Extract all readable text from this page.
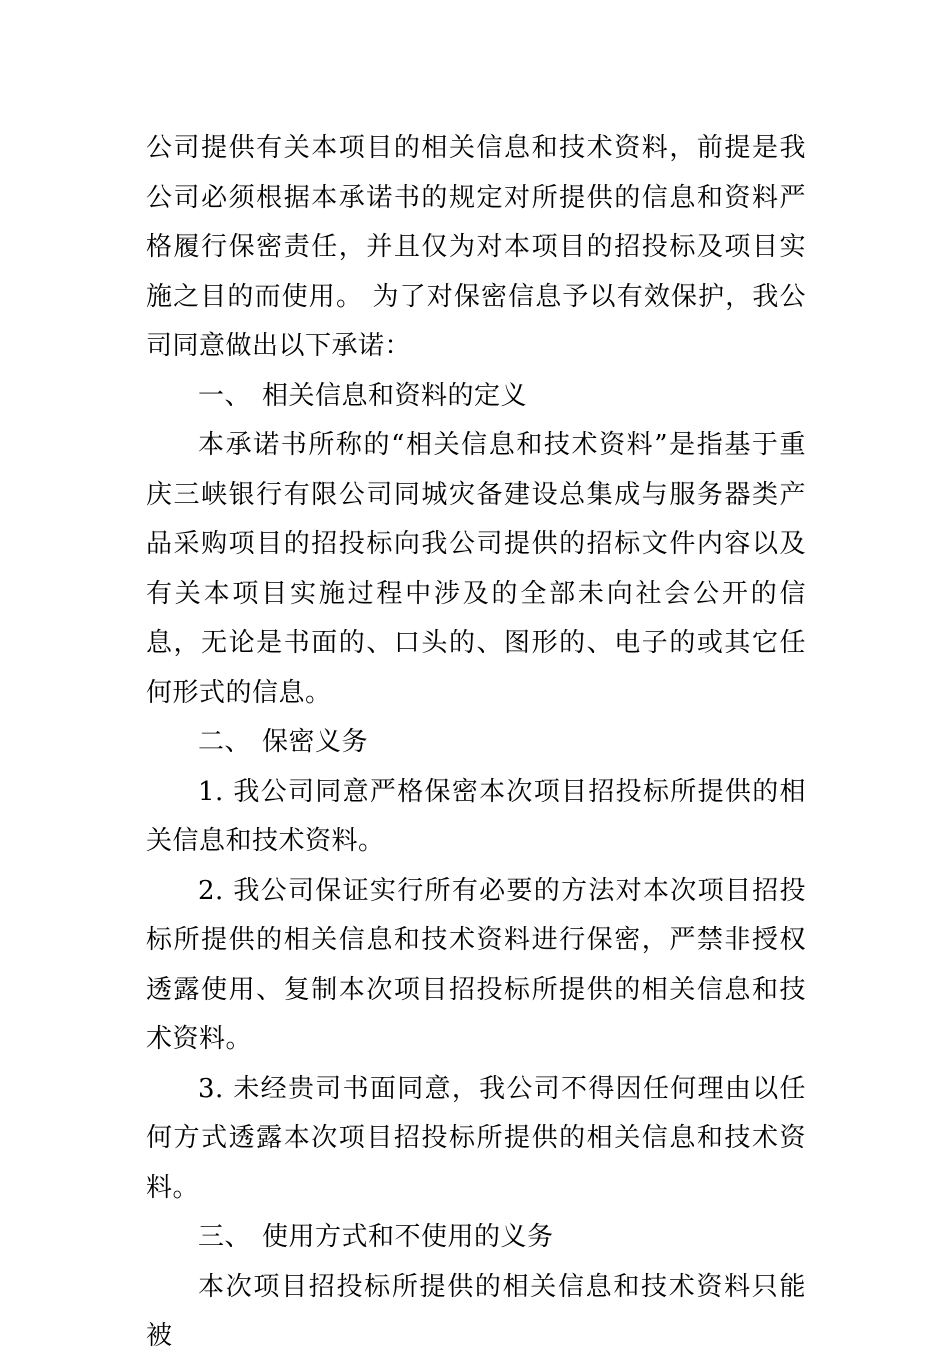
公司提供有关本项目的相关信息和技术资料，前提是我公司必须根据本承诺书的规定对所提供的信息和资料严格履行保密责任，并且仅为对本项目的招投标及项目实施之目的而使用。 为了对保密信息予以有效保护，我公司同意做出以下承诺：

一、 相关信息和资料的定义

本承诺书所称的“相关信息和技术资料”是指基于重庆三峡银行有限公司同城灾备建设总集成与服务器类产品采购项目的招投标向我公司提供的招标文件内容以及有关本项目实施过程中涉及的全部未向社会公开的信息，无论是书面的、口头的、图形的、电子的或其它任何形式的信息。

二、 保密义务

1. 我公司同意严格保密本次项目招投标所提供的相关信息和技术资料。

2. 我公司保证实行所有必要的方法对本次项目招投标所提供的相关信息和技术资料进行保密，严禁非授权透露使用、复制本次项目招投标所提供的相关信息和技术资料。

3. 未经贵司书面同意，我公司不得因任何理由以任何方式透露本次项目招投标所提供的相关信息和技术资料。

三、 使用方式和不使用的义务

本次项目招投标所提供的相关信息和技术资料只能被
